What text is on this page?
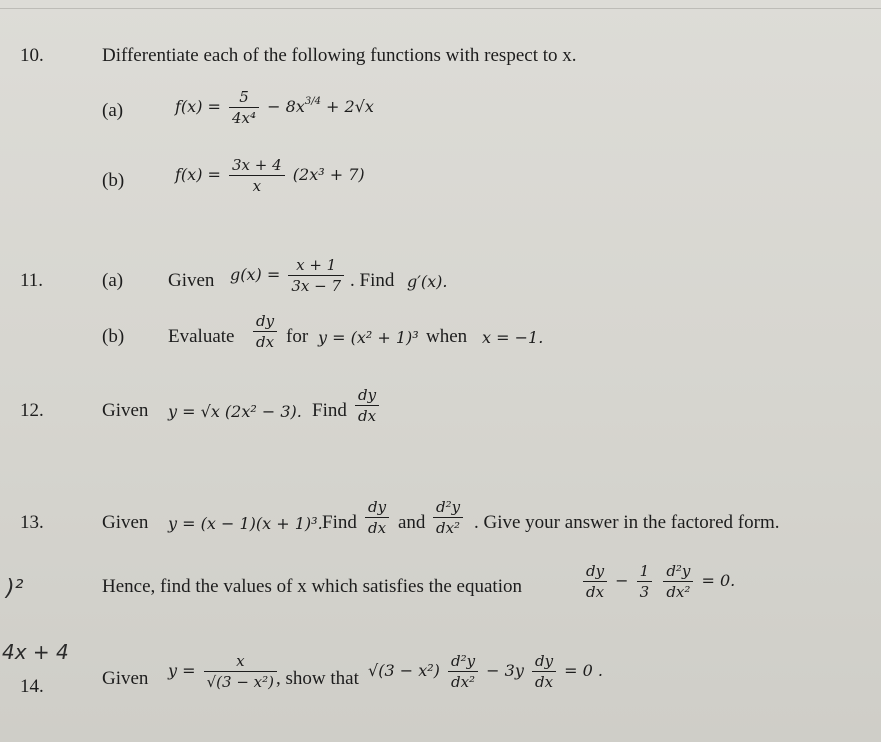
10.	Differentiate each of the following functions with respect to x.
(a)	$f(x) = \frac{5}{\text{4x⁴}} - 8x^{3/4} + 2√x$
(b)	$f(x) = \frac{3x + 4}{x} (2x^3 + 7)$
11.	(a) Given $g(x) = \frac{x + 1}{3x - 7}$ . Find g′(x).
(b) Evaluate $\frac{dy}{dx}$ for y = (x² + 1)³ when x = −1.
12.	Given y = √x (2x² − 3). Find $\frac{dy}{dx}$
13.	Given y = (x − 1)(x + 1)³. Find $\frac{dy}{dx}$ and $\frac{\text{d²y}}{\text{dx²}}$ . Give your answer in the factored form.
Hence, find the values of x which satisfies the equation	$\frac{dy}{dx} - \frac{1}{3}$
$\frac{\text{d²y}}{\text{dx²}} = 0$.
14.	Given $y = \frac{x}{\text{√(3 − x²)}}$
, show that $√(3 - x^2) \frac{\text{d²y}}{\text{dx²}} - 3y \frac{dy}{dx} = 0$ .
)²
4x + 4
